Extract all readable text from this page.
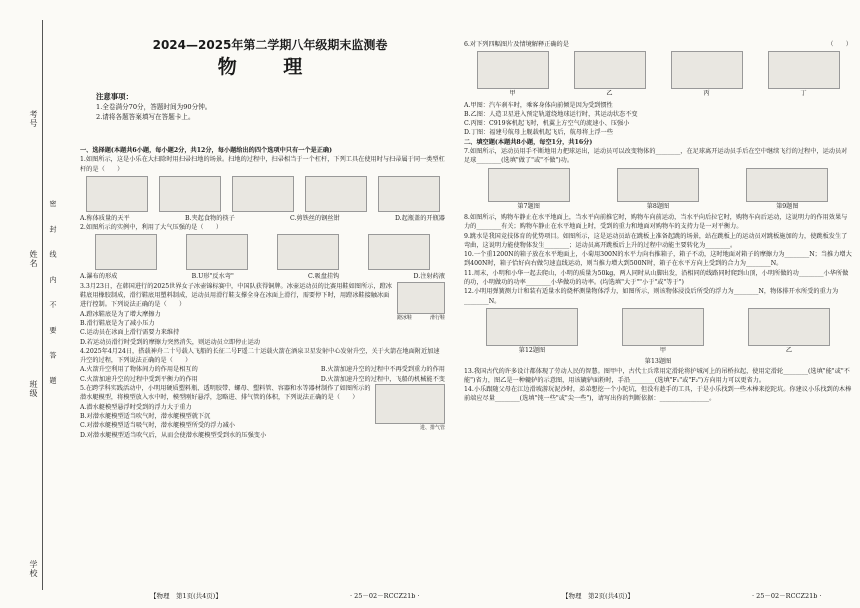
考号
姓名
班级
学校
密 封 线 内 不 要 答 题
2024—2025年第二学期八年级期末监测卷
物 理

注意事项：

1.全卷满分70分，答题时间为90分钟。

2.请将各题答案填写在答题卡上。

一、选择题(本题共6小题，每小题2分，共12分，每小题给出的四个选项中只有一个是正确)

1.如图所示，这是小乐在大扫除时用扫帚扫地的场景。扫地的过程中，扫帚相当于一个杠杆，下列工具在使用时与扫帚属于同一类型杠杆的是（　　）

A.称体质量的天平	B.夹起食物的筷子	C.剪铁丝的钢丝钳	D.起瓶盖的开瓶器

2.如图所示的实例中，利用了大气压强的是（　　）

A.瀑布的形成	B.U形"反水弯"	C.吸盘挂钩	D.注射药液
蹬冰鞋	滑行鞋

3.3月23日，在韩国进行的2025世界女子冰壶锦标赛中，中国队获得铜牌。冰壶运动员的比赛用鞋如图所示，蹬冰鞋底用橡胶制成，滑行鞋底用塑料制成，运动员用滑行鞋支撑全身在冰面上滑行，需要停下时，用蹬冰鞋接触冰面进行控制。下列说法正确的是（　　）

A.蹬冰鞋底是为了增大摩擦力

B.滑行鞋底是为了减小压力

C.运动员在冰面上滑行需要力来维持

D.若运动员滑行时受到的摩擦力突然消失，则运动员立即停止运动

4.2025年4月24日，搭载神舟二十号载人飞船的长征二号F遥二十运载火箭在酒泉卫星发射中心发射升空，关于火箭在地面附近加速升空的过程，下列说法正确的是（　　）

A.火箭升空利用了物体间力的作用是相互的	B.火箭加速升空的过程中不再受到重力的作用
C.火箭加速升空的过程中受到平衡力的作用	D.火箭加速升空的过程中，飞船的机械能不变
进、排气管

5.在跨学科实践活动中，小明用硬质塑料瓶、透明胶带、螺母、塑料管、容器和水等器材制作了如图所示的潜水艇模型，将模型放入水中时，模型刚好悬浮，忽略进、排气管的体积，下列说法正确的是（　　）

A.潜水艇模型悬浮时受到的浮力大于重力

B.对潜水艇模型适当吹气时，潜水艇模型就下沉

C.对潜水艇模型适当吸气时，潜水艇模型所受的浮力减小

D.对潜水艇模型适当吹气后，从而会使潜水艇模型受到水的压强变小

【物理　第1页(共4页)】	· 25－02－RCCZ21b ·

6.对下列四幅图片及情境解释正确的是	（　　）

甲	乙	丙	丁

A.甲图：汽车刹车时，乘客身体向前倾是因为受到惯性

B.乙图：人造卫星进入预定轨道绕地球运行时，其运动状态不变

C.丙图：C919客机起飞时，机翼上方空气的流速小、压强小

D.丁图：福建号航母上舰载机起飞后，航母将上浮一些

二、填空题(本题共8小题，每空1分，共16分)

7.如图所示，运动员用手不断地用力把球运出，运动员可以改变物体的________，在足球离开运动员手后在空中继续飞行的过程中，运动员对足球________(选填"做了"或"不做")功。

第7题图	第8题图	第9题图

8.如图所示，购物车静止在水平地面上，当水平向前推它时，购物车向前运动，当水平向后拉它时，购物车向后运动，这说明力的作用效果与力的________有关；购物车静止在水平地面上时，受到的重力和地面对购物车的支持力是一对平衡力。

9.跳水是我国竞技体育的优势项目。如图所示，这是运动员站在跳板上准备起跳的场景，站在跳板上的运动员对跳板施加的力，使跳板发生了弯曲，这说明力能使物体发生________；运动员离开跳板后上升的过程中动能主要转化为________。

10.一个重1200N的箱子放在水平地面上，小菊用300N的水平力向右推箱子，箱子不动，这时地面对箱子的摩擦力为________N；当推力增大到400N时，箱子恰好向右做匀速直线运动，则当推力增大到500N时，箱子在水平方向上受到的合力为________N。

11.周末，小明和小华一起去爬山，小明的质量为50kg，两人同时从山脚出发，沿相同的线路同时爬到山顶，小明所做的功________小华所做的功，小明做功的功率________小华做功的功率。(均选填"大于""小于"或"等于")

12.小明用弹簧测力计和装有适量水的烧杯测量物体浮力，如图所示，则该物体浸没后所受的浮力为________N，物体排开水所受的重力为________N。

第12题图	甲	乙

第13题图

13.我国古代的许多设计都体现了劳动人民的智慧。图甲中，古代士兵常用定滑轮将护城河上的吊桥拉起，使用定滑轮________(选填"能"或"不能")省力，图乙是一种辘轳的示意图，用该辘轳面粉时，手沿________(选填"F₁"或"F₂")方向用力可以更省力。

14.小乐跟随父母在江边滑坡游玩泥沙时，弟弟想挖一个小陀坑，但没有趁手的工具，于是小乐找到一些木棒来挖陀坑。你建议小乐找到的木棒前端应尽量________(选填"钝一些"或"尖一些")，请写出你的判断依据：________________。

【物理　第2页(共4页)】	· 25－02－RCCZ21b ·
